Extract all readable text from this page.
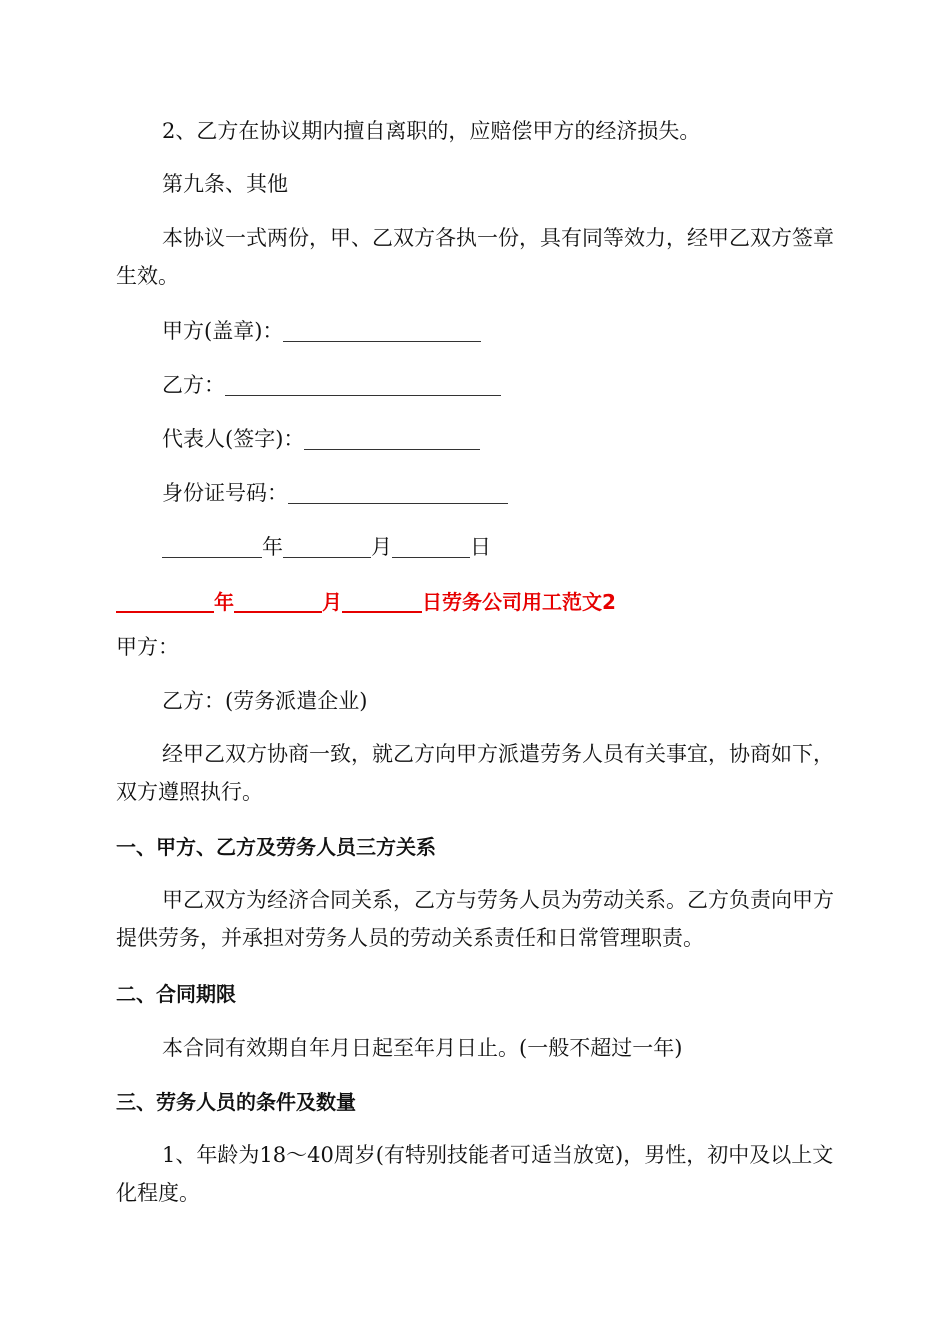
2、乙方在协议期内擅自离职的，应赔偿甲方的经济损失。

第九条、其他

本协议一式两份，甲、乙双方各执一份，具有同等效力，经甲乙双方签章生效。

甲方(盖章)：

乙方：

代表人(签字)：

身份证号码：

年	月	日

年	月	日劳务公司用工范文2

甲方：

乙方：(劳务派遣企业)

经甲乙双方协商一致，就乙方向甲方派遣劳务人员有关事宜，协商如下，双方遵照执行。

一、甲方、乙方及劳务人员三方关系

甲乙双方为经济合同关系，乙方与劳务人员为劳动关系。乙方负责向甲方提供劳务，并承担对劳务人员的劳动关系责任和日常管理职责。

二、合同期限

本合同有效期自年月日起至年月日止。(一般不超过一年)

三、劳务人员的条件及数量

1、年龄为18～40周岁(有特别技能者可适当放宽)，男性，初中及以上文化程度。
